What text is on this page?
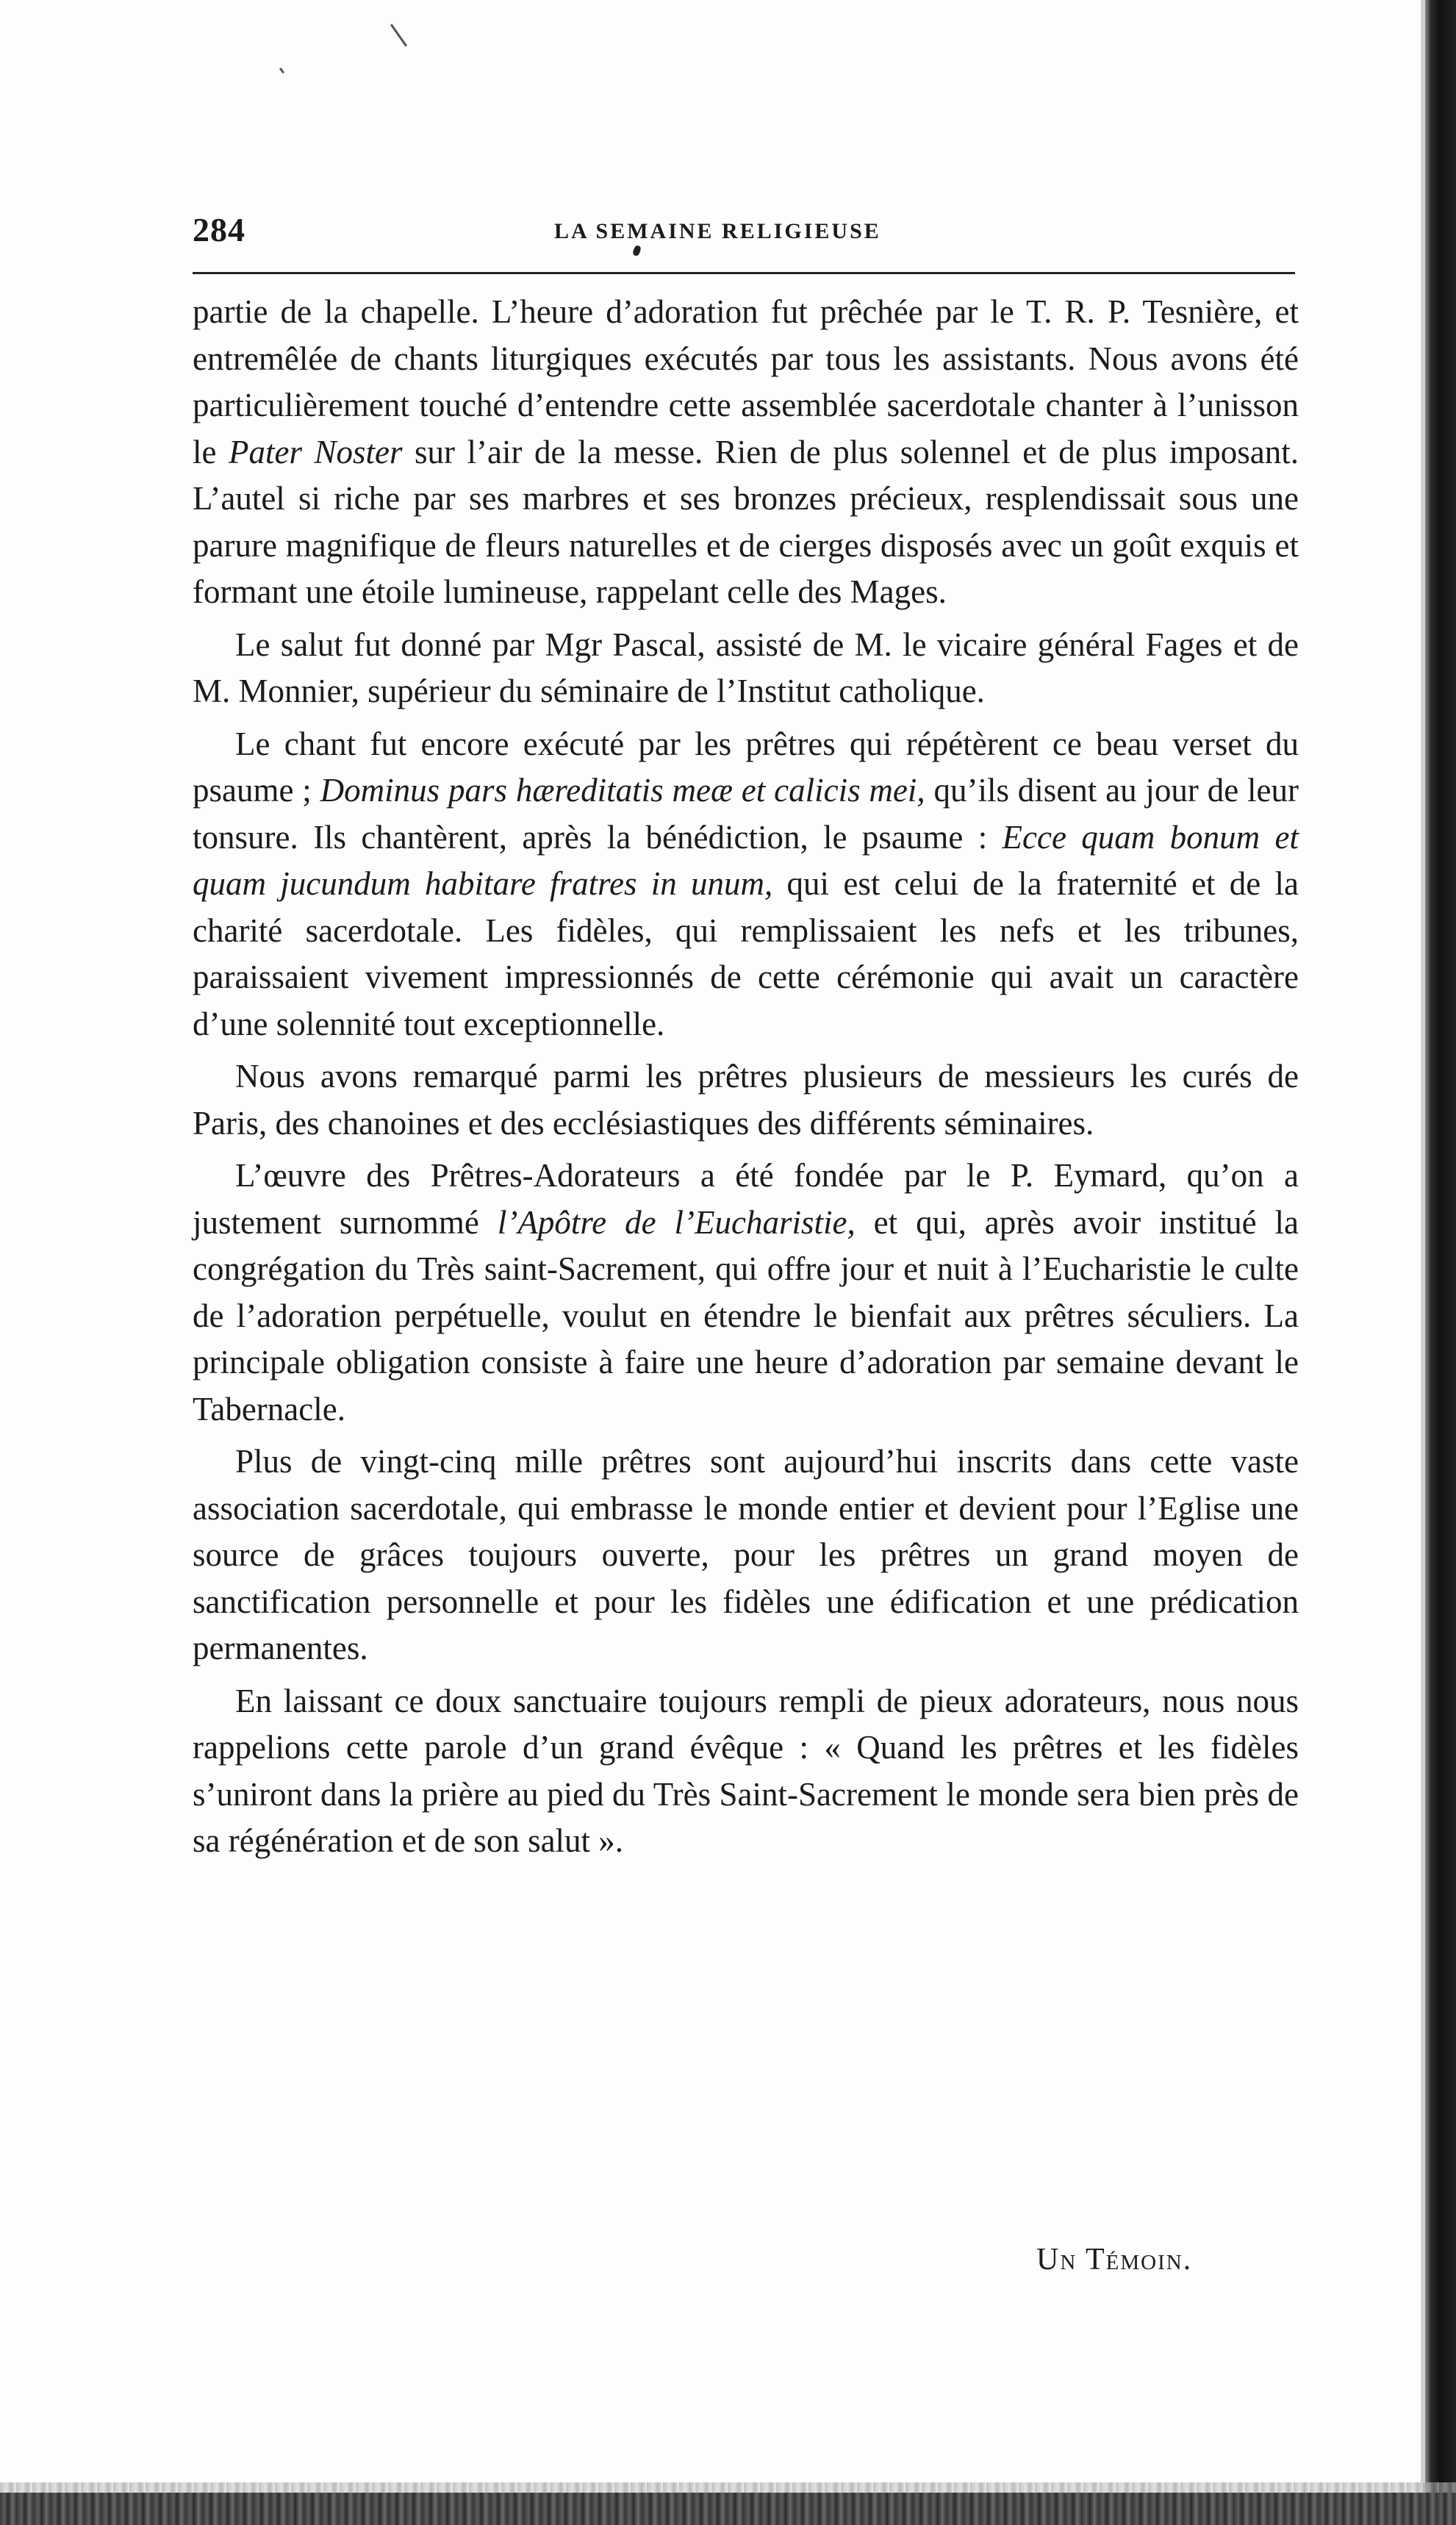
284	LA SEMAINE RELIGIEUSE

partie de la chapelle. L’heure d’adoration fut prêchée par le T. R. P. Tesnière, et entremêlée de chants liturgiques exécutés par tous les assistants. Nous avons été particulièrement touché d’entendre cette assemblée sacerdotale chanter à l’unisson le Pater Noster sur l’air de la messe. Rien de plus solennel et de plus imposant. L’autel si riche par ses marbres et ses bronzes précieux, resplendissait sous une parure magnifique de fleurs naturelles et de cierges disposés avec un goût exquis et formant une étoile lumineuse, rappelant celle des Mages.

Le salut fut donné par Mgr Pascal, assisté de M. le vicaire général Fages et de M. Monnier, supérieur du séminaire de l’Institut catholique.

Le chant fut encore exécuté par les prêtres qui répétèrent ce beau verset du psaume ; Dominus pars hæreditatis meæ et calicis mei, qu’ils disent au jour de leur tonsure. Ils chantèrent, après la bénédiction, le psaume : Ecce quam bonum et quam jucundum habitare fratres in unum, qui est celui de la fraternité et de la charité sacerdotale. Les fidèles, qui remplissaient les nefs et les tribunes, paraissaient vivement impressionnés de cette cérémonie qui avait un caractère d’une solennité tout exceptionnelle.

Nous avons remarqué parmi les prêtres plusieurs de messieurs les curés de Paris, des chanoines et des ecclésiastiques des différents séminaires.

L’œuvre des Prêtres-Adorateurs a été fondée par le P. Eymard, qu’on a justement surnommé l’Apôtre de l’Eucharistie, et qui, après avoir institué la congrégation du Très saint-Sacrement, qui offre jour et nuit à l’Eucharistie le culte de l’adoration perpétuelle, voulut en étendre le bienfait aux prêtres séculiers. La principale obligation consiste à faire une heure d’adoration par semaine devant le Tabernacle.

Plus de vingt-cinq mille prêtres sont aujourd’hui inscrits dans cette vaste association sacerdotale, qui embrasse le monde entier et devient pour l’Eglise une source de grâces toujours ouverte, pour les prêtres un grand moyen de sanctification personnelle et pour les fidèles une édification et une prédication permanentes.

En laissant ce doux sanctuaire toujours rempli de pieux adorateurs, nous nous rappelions cette parole d’un grand évêque : « Quand les prêtres et les fidèles s’uniront dans la prière au pied du Très Saint-Sacrement le monde sera bien près de sa régénération et de son salut ».

Un Témoin.
